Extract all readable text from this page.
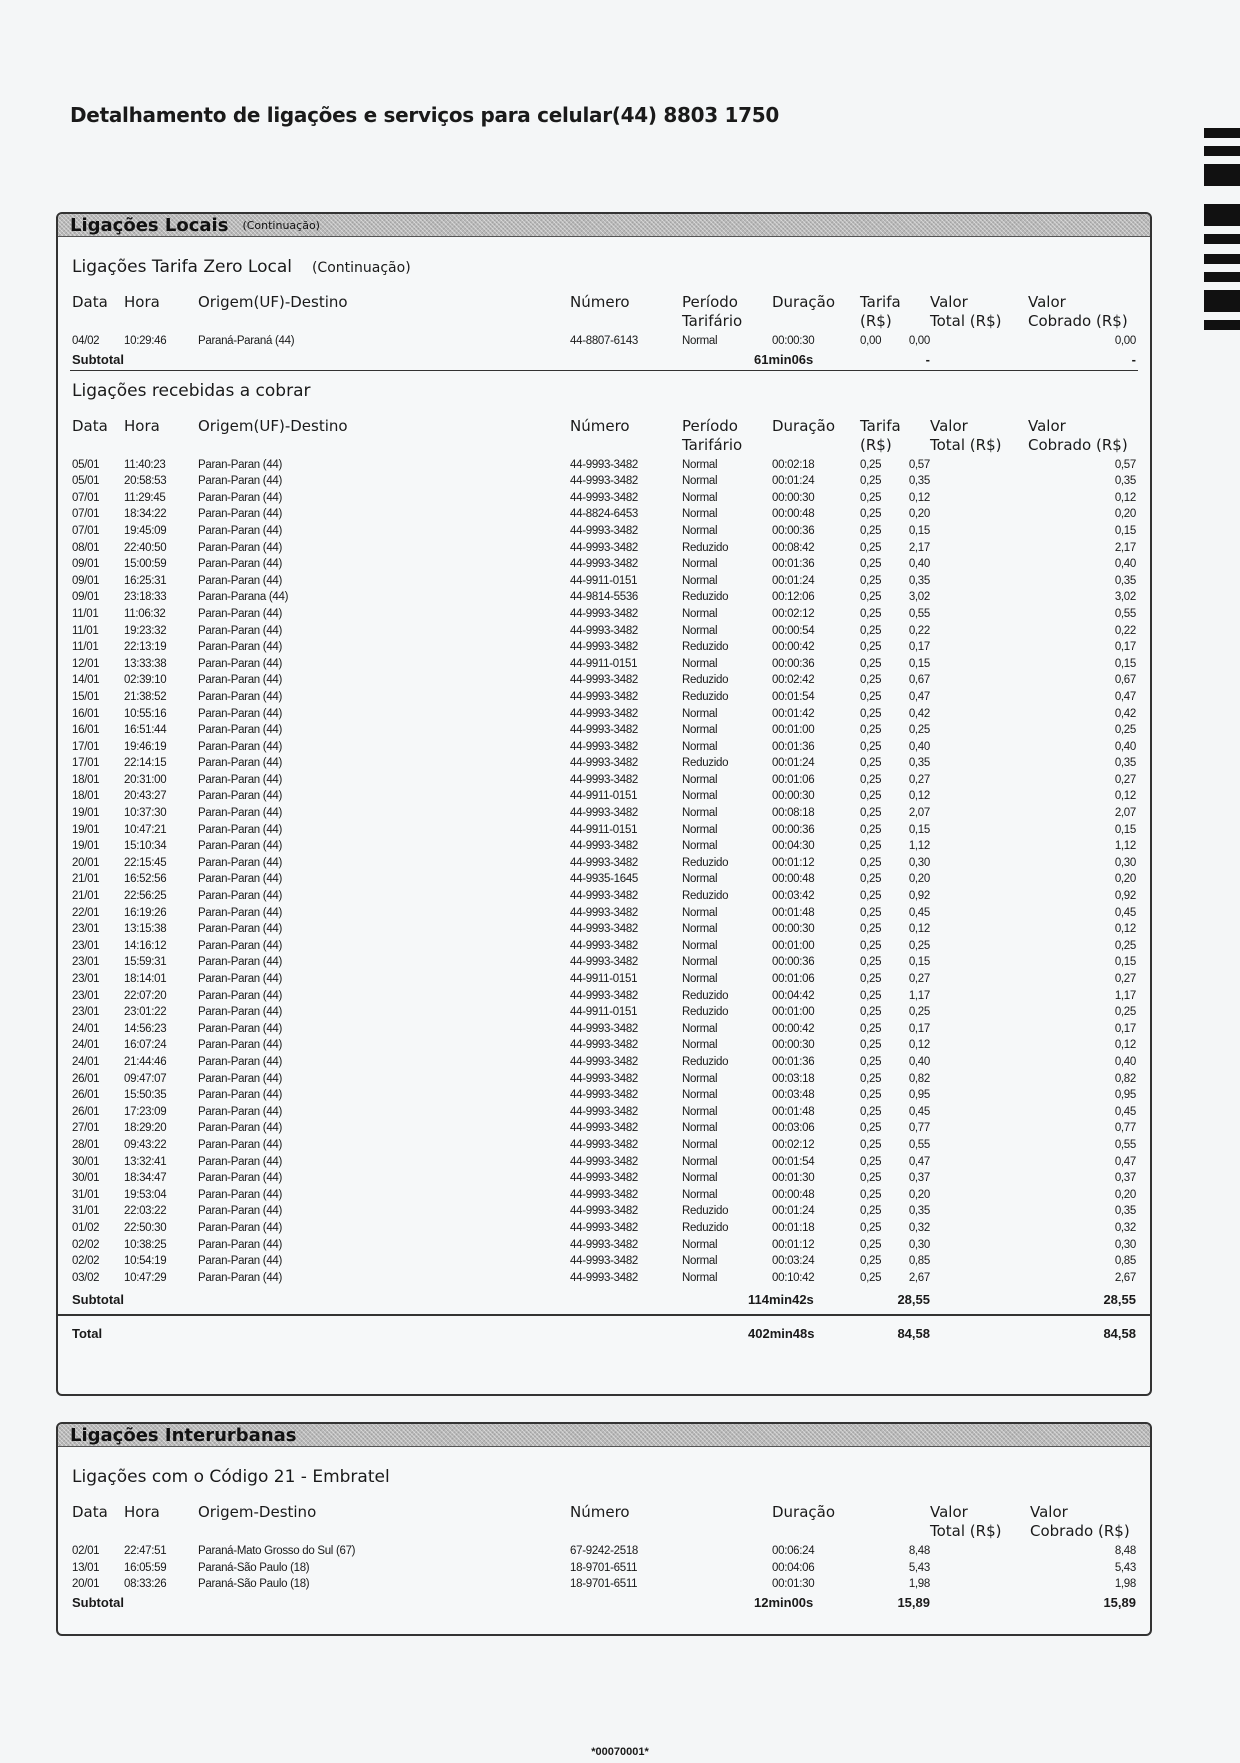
Detalhamento de ligações e serviços para celular(44) 8803 1750
Ligações Locais (Continuação)
Ligações Tarifa Zero Local (Continuação)
Data Hora	Origem(UF)-Destino	Número	Período
Tarifário
Duração Tarifa
(R$)
Valor
Total (R$)
Valor
Cobrado (R$)
04/02 10:29:46	Paraná-Paraná (44)	44-8807-6143	Normal	00:00:30	0,00 0,00	0,00
Subtotal	61min06s	-	-
Ligações recebidas a cobrar
Data Hora	Origem(UF)-Destino	Número	Período
Tarifário
Duração Tarifa
(R$)
Valor
Total (R$)
Valor
Cobrado (R$)
05/01 11:40:23	Paran-Paran (44)	44-9993-3482	Normal	00:02:18	0,25 0,57	0,57
05/01 20:58:53	Paran-Paran (44)	44-9993-3482	Normal	00:01:24	0,25 0,35	0,35
07/01 11:29:45	Paran-Paran (44)	44-9993-3482	Normal	00:00:30	0,25 0,12	0,12
07/01 18:34:22	Paran-Paran (44)	44-8824-6453	Normal	00:00:48	0,25 0,20	0,20
07/01 19:45:09	Paran-Paran (44)	44-9993-3482	Normal	00:00:36	0,25 0,15	0,15
08/01 22:40:50	Paran-Paran (44)	44-9993-3482	Reduzido	00:08:42	0,25 2,17	2,17
09/01 15:00:59	Paran-Paran (44)	44-9993-3482	Normal	00:01:36	0,25 0,40	0,40
09/01 16:25:31	Paran-Paran (44)	44-9911-0151	Normal	00:01:24	0,25 0,35	0,35
09/01 23:18:33	Paran-Parana (44)	44-9814-5536	Reduzido	00:12:06	0,25 3,02	3,02
11/01 11:06:32	Paran-Paran (44)	44-9993-3482	Normal	00:02:12	0,25 0,55	0,55
11/01 19:23:32	Paran-Paran (44)	44-9993-3482	Normal	00:00:54	0,25 0,22	0,22
11/01 22:13:19	Paran-Paran (44)	44-9993-3482	Reduzido	00:00:42	0,25 0,17	0,17
12/01 13:33:38	Paran-Paran (44)	44-9911-0151	Normal	00:00:36	0,25 0,15	0,15
14/01 02:39:10	Paran-Paran (44)	44-9993-3482	Reduzido	00:02:42	0,25 0,67	0,67
15/01 21:38:52	Paran-Paran (44)	44-9993-3482	Reduzido	00:01:54	0,25 0,47	0,47
16/01 10:55:16	Paran-Paran (44)	44-9993-3482	Normal	00:01:42	0,25 0,42	0,42
16/01 16:51:44	Paran-Paran (44)	44-9993-3482	Normal	00:01:00	0,25 0,25	0,25
17/01 19:46:19	Paran-Paran (44)	44-9993-3482	Normal	00:01:36	0,25 0,40	0,40
17/01 22:14:15	Paran-Paran (44)	44-9993-3482	Reduzido	00:01:24	0,25 0,35	0,35
18/01 20:31:00	Paran-Paran (44)	44-9993-3482	Normal	00:01:06	0,25 0,27	0,27
18/01 20:43:27	Paran-Paran (44)	44-9911-0151	Normal	00:00:30	0,25 0,12	0,12
19/01 10:37:30	Paran-Paran (44)	44-9993-3482	Normal	00:08:18	0,25 2,07	2,07
19/01 10:47:21	Paran-Paran (44)	44-9911-0151	Normal	00:00:36	0,25 0,15	0,15
19/01 15:10:34	Paran-Paran (44)	44-9993-3482	Normal	00:04:30	0,25 1,12	1,12
20/01 22:15:45	Paran-Paran (44)	44-9993-3482	Reduzido	00:01:12	0,25 0,30	0,30
21/01 16:52:56	Paran-Paran (44)	44-9935-1645	Normal	00:00:48	0,25 0,20	0,20
21/01 22:56:25	Paran-Paran (44)	44-9993-3482	Reduzido	00:03:42	0,25 0,92	0,92
22/01 16:19:26	Paran-Paran (44)	44-9993-3482	Normal	00:01:48	0,25 0,45	0,45
23/01 13:15:38	Paran-Paran (44)	44-9993-3482	Normal	00:00:30	0,25 0,12	0,12
23/01 14:16:12	Paran-Paran (44)	44-9993-3482	Normal	00:01:00	0,25 0,25	0,25
23/01 15:59:31	Paran-Paran (44)	44-9993-3482	Normal	00:00:36	0,25 0,15	0,15
23/01 18:14:01	Paran-Paran (44)	44-9911-0151	Normal	00:01:06	0,25 0,27	0,27
23/01 22:07:20	Paran-Paran (44)	44-9993-3482	Reduzido	00:04:42	0,25 1,17	1,17
23/01 23:01:22	Paran-Paran (44)	44-9911-0151	Reduzido	00:01:00	0,25 0,25	0,25
24/01 14:56:23	Paran-Paran (44)	44-9993-3482	Normal	00:00:42	0,25 0,17	0,17
24/01 16:07:24	Paran-Paran (44)	44-9993-3482	Normal	00:00:30	0,25 0,12	0,12
24/01 21:44:46	Paran-Paran (44)	44-9993-3482	Reduzido	00:01:36	0,25 0,40	0,40
26/01 09:47:07	Paran-Paran (44)	44-9993-3482	Normal	00:03:18	0,25 0,82	0,82
26/01 15:50:35	Paran-Paran (44)	44-9993-3482	Normal	00:03:48	0,25 0,95	0,95
26/01 17:23:09	Paran-Paran (44)	44-9993-3482	Normal	00:01:48	0,25 0,45	0,45
27/01 18:29:20	Paran-Paran (44)	44-9993-3482	Normal	00:03:06	0,25 0,77	0,77
28/01 09:43:22	Paran-Paran (44)	44-9993-3482	Normal	00:02:12	0,25 0,55	0,55
30/01 13:32:41	Paran-Paran (44)	44-9993-3482	Normal	00:01:54	0,25 0,47	0,47
30/01 18:34:47	Paran-Paran (44)	44-9993-3482	Normal	00:01:30	0,25 0,37	0,37
31/01 19:53:04	Paran-Paran (44)	44-9993-3482	Normal	00:00:48	0,25 0,20	0,20
31/01 22:03:22	Paran-Paran (44)	44-9993-3482	Reduzido	00:01:24	0,25 0,35	0,35
01/02 22:50:30	Paran-Paran (44)	44-9993-3482	Reduzido	00:01:18	0,25 0,32	0,32
02/02 10:38:25	Paran-Paran (44)	44-9993-3482	Normal	00:01:12	0,25 0,30	0,30
02/02 10:54:19	Paran-Paran (44)	44-9993-3482	Normal	00:03:24	0,25 0,85	0,85
03/02 10:47:29	Paran-Paran (44)	44-9993-3482	Normal	00:10:42	0,25 2,67	2,67
Subtotal	114min42s	28,55	28,55
Total	402min48s	84,58	84,58
Ligações Interurbanas
Ligações com o Código 21 - Embratel
Data Hora	Origem-Destino	Número	Duração	Valor
Total (R$)
Valor
Cobrado (R$)
02/01 22:47:51	Paraná-Mato Grosso do Sul (67)	67-9242-2518	00:06:24	8,48	8,48
13/01 16:05:59	Paraná-São Paulo (18)	18-9701-6511	00:04:06	5,43	5,43
20/01 08:33:26	Paraná-São Paulo (18)	18-9701-6511	00:01:30	1,98	1,98
Subtotal	12min00s	15,89	15,89
*00070001*
